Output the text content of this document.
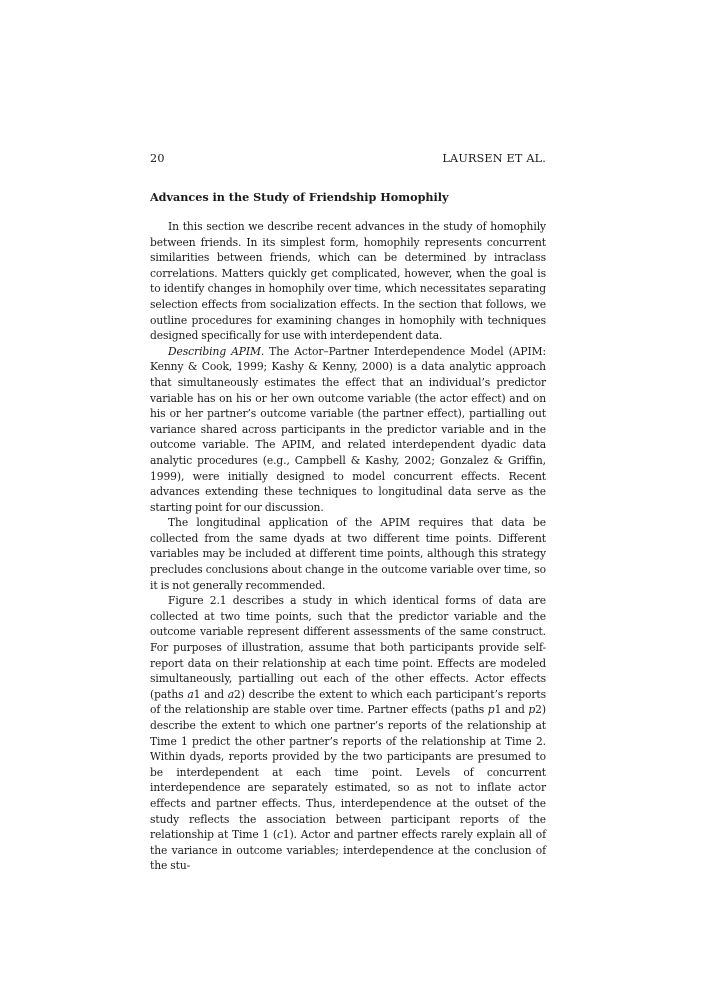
20	LAURSEN ET AL.
Advances in the Study of Friendship Homophily

In this section we describe recent advances in the study of homophily between friends. In its simplest form, homophily represents concurrent similarities between friends, which can be determined by intraclass correlations. Matters quickly get complicated, however, when the goal is to identify changes in homophily over time, which necessitates separating selection effects from socialization effects. In the section that follows, we outline procedures for examining changes in homophily with techniques designed specifically for use with interdependent data.

Describing APIM. The Actor–Partner Interdependence Model (APIM: Kenny & Cook, 1999; Kashy & Kenny, 2000) is a data analytic approach that simultaneously estimates the effect that an individual’s predictor variable has on his or her own outcome variable (the actor effect) and on his or her partner’s outcome variable (the partner effect), partialling out variance shared across participants in the predictor variable and in the outcome variable. The APIM, and related interdependent dyadic data analytic procedures (e.g., Campbell & Kashy, 2002; Gonzalez & Griffin, 1999), were initially designed to model concurrent effects. Recent advances extending these techniques to longitudinal data serve as the starting point for our discussion.

The longitudinal application of the APIM requires that data be collected from the same dyads at two different time points. Different variables may be included at different time points, although this strategy precludes conclusions about change in the outcome variable over time, so it is not generally recommended.

Figure 2.1 describes a study in which identical forms of data are collected at two time points, such that the predictor variable and the outcome variable represent different assessments of the same construct. For purposes of illustration, assume that both participants provide self-report data on their relationship at each time point. Effects are modeled simultaneously, partialling out each of the other effects. Actor effects (paths a1 and a2) describe the extent to which each participant’s reports of the relationship are stable over time. Partner effects (paths p1 and p2) describe the extent to which one partner’s reports of the relationship at Time 1 predict the other partner’s reports of the relationship at Time 2. Within dyads, reports provided by the two participants are presumed to be interdependent at each time point. Levels of concurrent interdependence are separately estimated, so as not to inflate actor effects and partner effects. Thus, interdependence at the outset of the study reflects the association between participant reports of the relationship at Time 1 (c1). Actor and partner effects rarely explain all of the variance in outcome variables; interdependence at the conclusion of the stu-
